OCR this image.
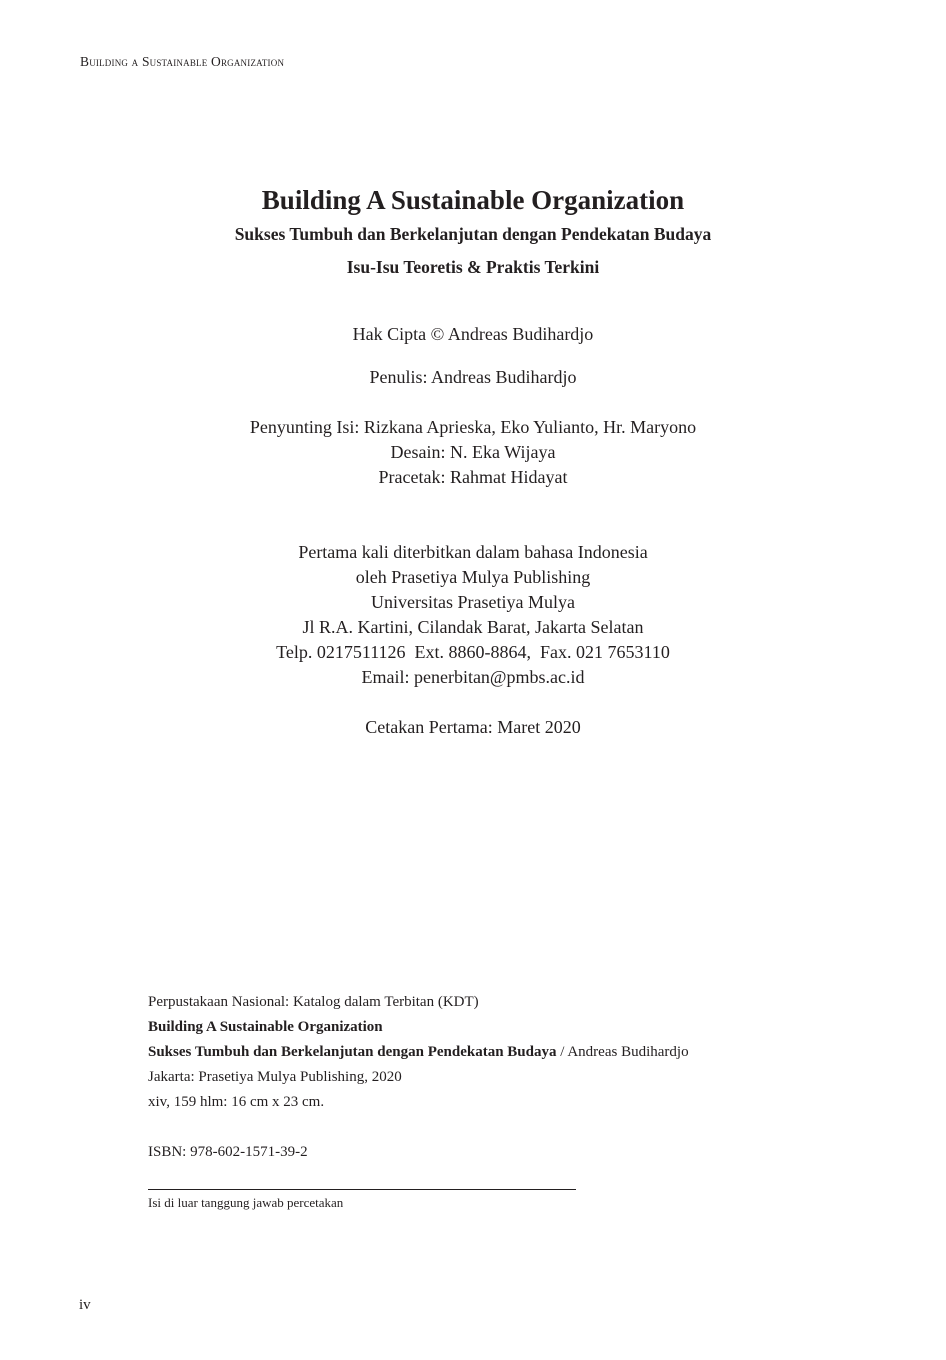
Building a Sustainable Organization
Building A Sustainable Organization
Sukses Tumbuh dan Berkelanjutan dengan Pendekatan Budaya
Isu-Isu Teoretis & Praktis Terkini
Hak Cipta © Andreas Budihardjo
Penulis: Andreas Budihardjo
Penyunting Isi: Rizkana Aprieska, Eko Yulianto, Hr. Maryono
Desain: N. Eka Wijaya
Pracetak: Rahmat Hidayat
Pertama kali diterbitkan dalam bahasa Indonesia
oleh Prasetiya Mulya Publishing
Universitas Prasetiya Mulya
Jl R.A. Kartini, Cilandak Barat, Jakarta Selatan
Telp. 0217511126  Ext. 8860-8864,  Fax. 021 7653110
Email: penerbitan@pmbs.ac.id
Cetakan Pertama: Maret 2020
Perpustakaan Nasional: Katalog dalam Terbitan (KDT)
Building A Sustainable Organization
Sukses Tumbuh dan Berkelanjutan dengan Pendekatan Budaya / Andreas Budihardjo
Jakarta: Prasetiya Mulya Publishing, 2020
xiv, 159 hlm: 16 cm x 23 cm.
ISBN: 978-602-1571-39-2
Isi di luar tanggung jawab percetakan
iv
